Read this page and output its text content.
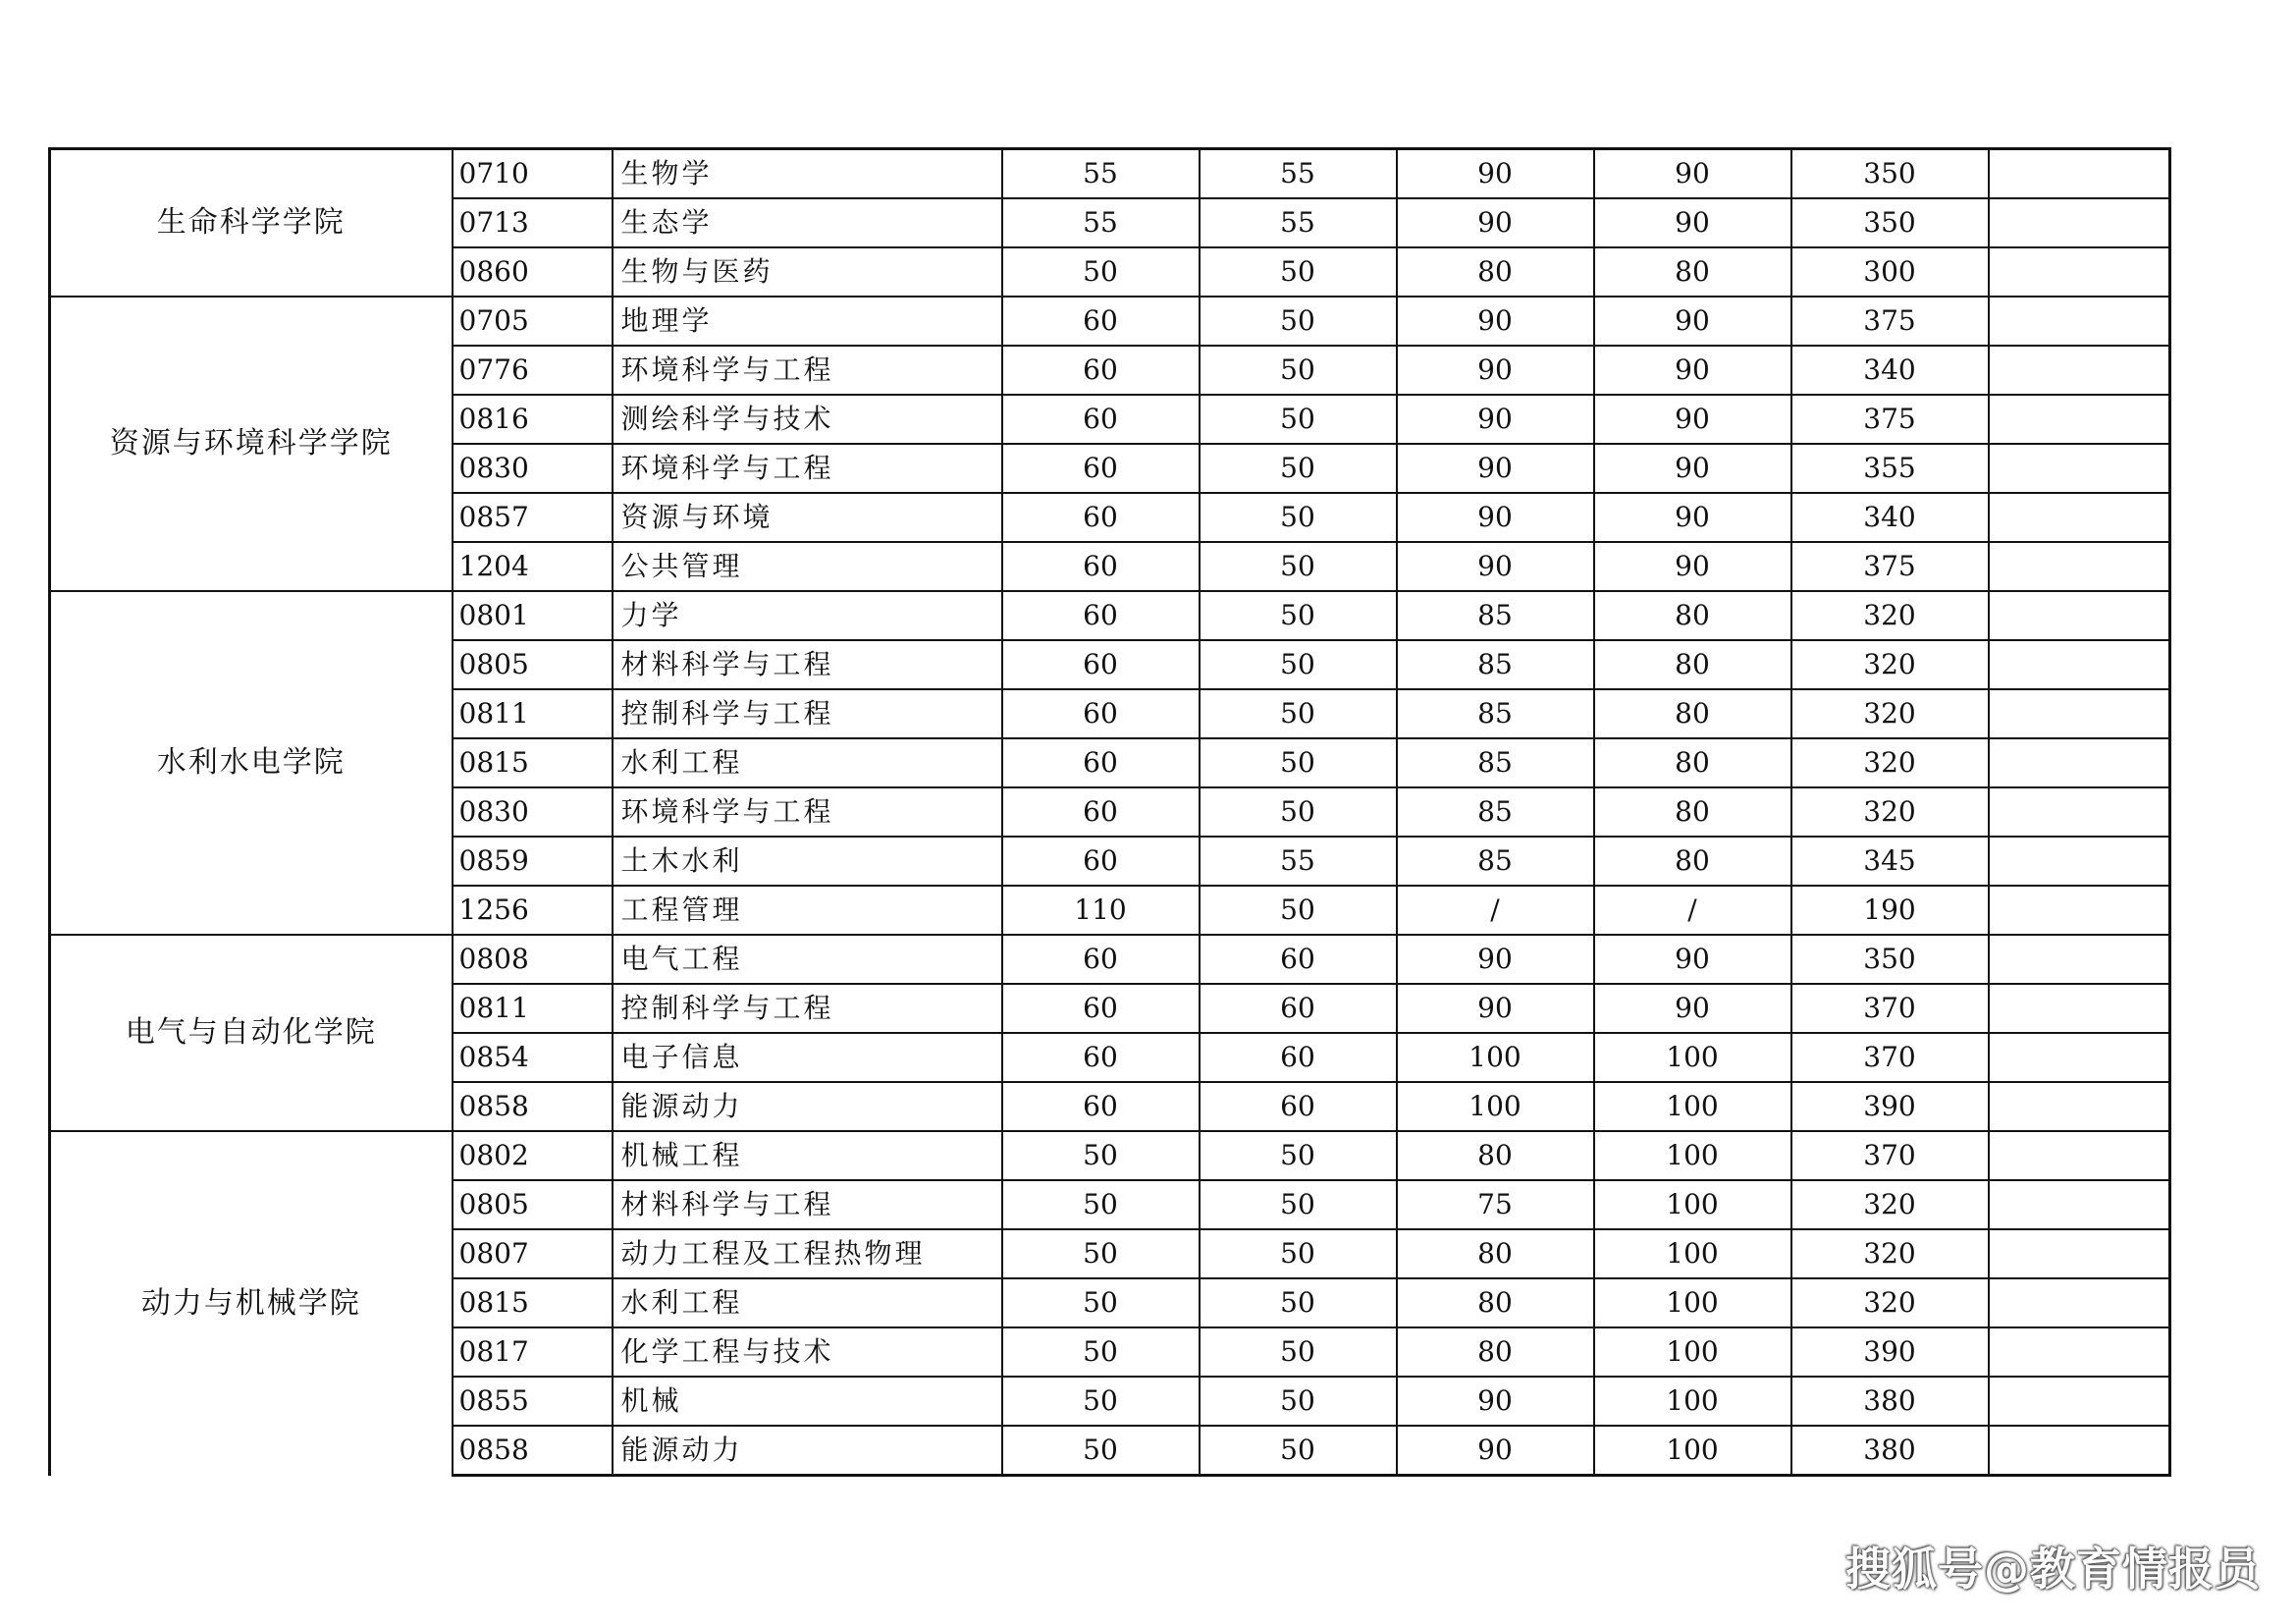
生命科学学院	0710	生物学	55	55	90	90	350	
	0713	生态学	55	55	90	90	350	
	0860	生物与医药	50	50	80	80	300	
资源与环境科学学院	0705	地理学	60	50	90	90	375	
	0776	环境科学与工程	60	50	90	90	340	
	0816	测绘科学与技术	60	50	90	90	375	
	0830	环境科学与工程	60	50	90	90	355	
	0857	资源与环境	60	50	90	90	340	
	1204	公共管理	60	50	90	90	375	
水利水电学院	0801	力学	60	50	85	80	320	
	0805	材料科学与工程	60	50	85	80	320	
	0811	控制科学与工程	60	50	85	80	320	
	0815	水利工程	60	50	85	80	320	
	0830	环境科学与工程	60	50	85	80	320	
	0859	土木水利	60	55	85	80	345	
	1256	工程管理	110	50	/	/	190	
电气与自动化学院	0808	电气工程	60	60	90	90	350	
	0811	控制科学与工程	60	60	90	90	370	
	0854	电子信息	60	60	100	100	370	
	0858	能源动力	60	60	100	100	390	
动力与机械学院	0802	机械工程	50	50	80	100	370	
	0805	材料科学与工程	50	50	75	100	320	
	0807	动力工程及工程热物理	50	50	80	100	320	
	0815	水利工程	50	50	80	100	320	
	0817	化学工程与技术	50	50	80	100	390	
	0855	机械	50	50	90	100	380	
	0858	能源动力	50	50	90	100	380	
搜狐号@教育情报员
